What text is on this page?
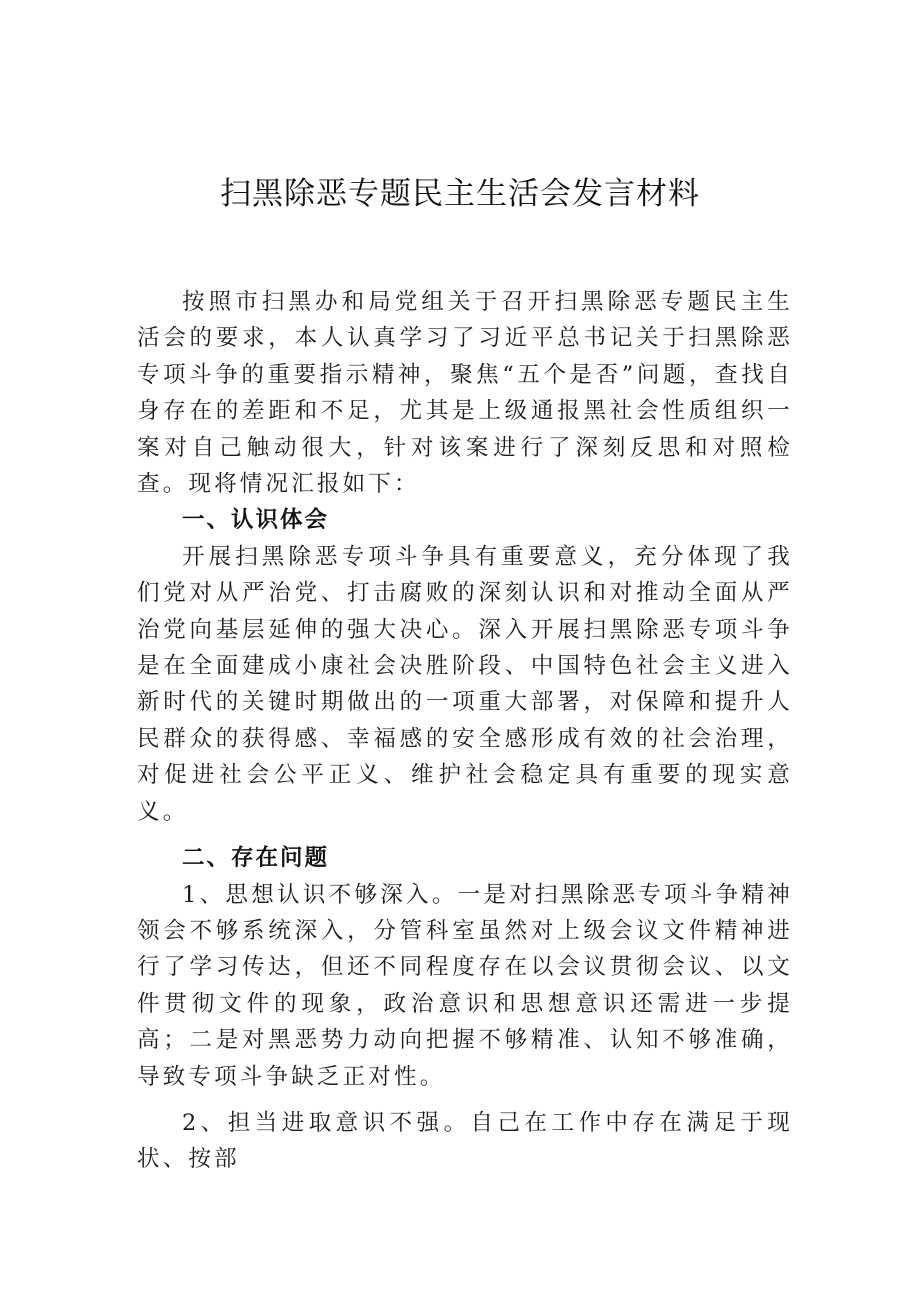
扫黑除恶专题民主生活会发言材料

按照市扫黑办和局党组关于召开扫黑除恶专题民主生活会的要求，本人认真学习了习近平总书记关于扫黑除恶专项斗争的重要指示精神，聚焦“五个是否”问题，查找自身存在的差距和不足，尤其是上级通报黑社会性质组织一案对自己触动很大，针对该案进行了深刻反思和对照检查。现将情况汇报如下：

一、认识体会

开展扫黑除恶专项斗争具有重要意义，充分体现了我们党对从严治党、打击腐败的深刻认识和对推动全面从严治党向基层延伸的强大决心。深入开展扫黑除恶专项斗争是在全面建成小康社会决胜阶段、中国特色社会主义进入新时代的关键时期做出的一项重大部署，对保障和提升人民群众的获得感、幸福感的安全感形成有效的社会治理，对促进社会公平正义、维护社会稳定具有重要的现实意义。

二、存在问题

1、思想认识不够深入。一是对扫黑除恶专项斗争精神领会不够系统深入，分管科室虽然对上级会议文件精神进行了学习传达，但还不同程度存在以会议贯彻会议、以文件贯彻文件的现象，政治意识和思想意识还需进一步提高；二是对黑恶势力动向把握不够精准、认知不够准确，导致专项斗争缺乏正对性。

2、担当进取意识不强。自己在工作中存在满足于现状、按部
